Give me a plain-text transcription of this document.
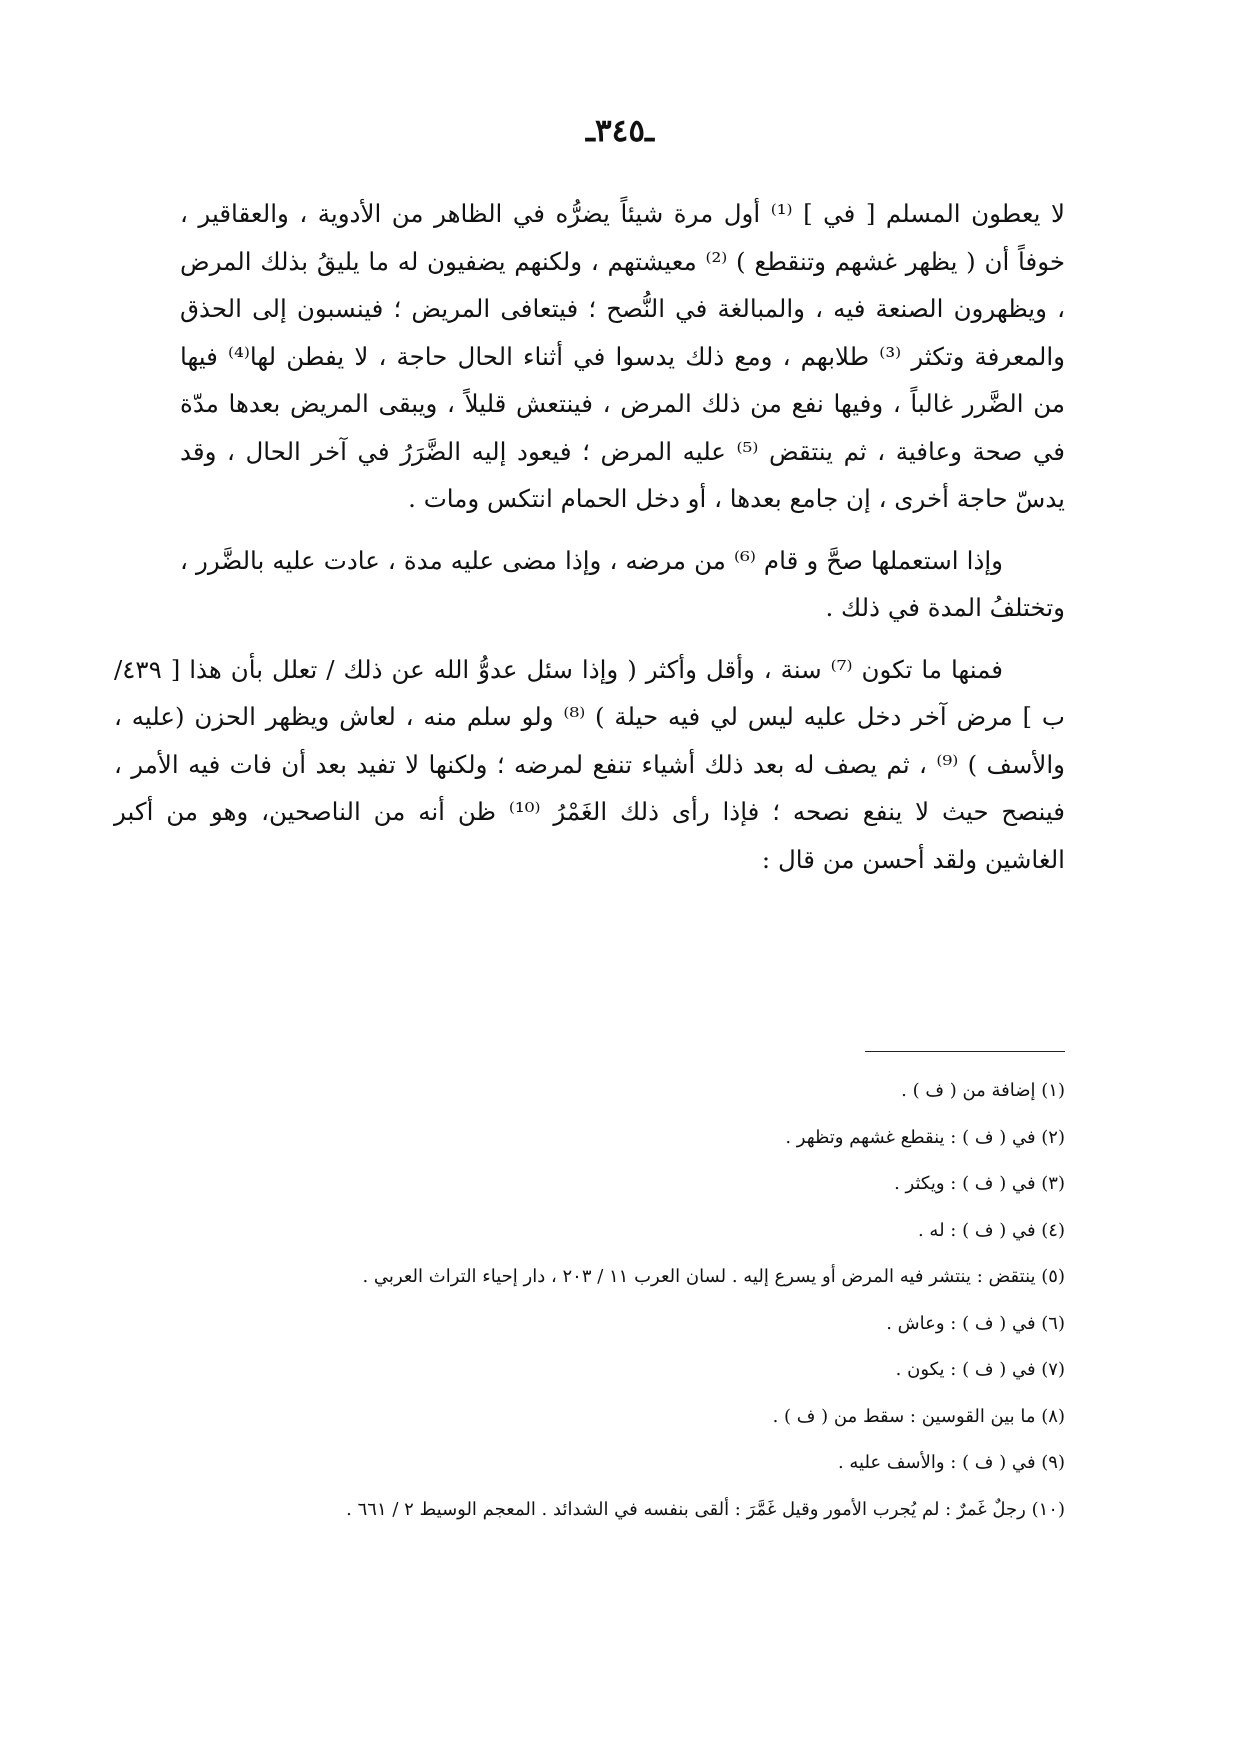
ـ٣٤٥ـ

لا يعطون المسلم [ في ] ⁽¹⁾ أول مرة شيئاً يضرُّه في الظاهر من الأدوية ، والعقاقير ، خوفاً أن ( يظهر غشهم وتنقطع ) ⁽²⁾ معيشتهم ، ولكنهم يضفيون له ما يليقُ بذلك المرض ، ويظهرون الصنعة فيه ، والمبالغة في النُّصح ؛ فيتعافى المريض ؛ فينسبون إلى الحذق والمعرفة وتكثر ⁽³⁾ طلابهم ، ومع ذلك يدسوا في أثناء الحال حاجة ، لا يفطن لها⁽⁴⁾ فيها من الضَّرر غالباً ، وفيها نفع من ذلك المرض ، فينتعش قليلاً ، ويبقى المريض بعدها مدّة في صحة وعافية ، ثم ينتقض ⁽⁵⁾ عليه المرض ؛ فيعود إليه الضَّرَرُ في آخر الحال ، وقد يدسّ حاجة أخرى ، إن جامع بعدها ، أو دخل الحمام انتكس ومات .

وإذا استعملها صحَّ و قام ⁽⁶⁾ من مرضه ، وإذا مضى عليه مدة ، عادت عليه بالضَّرر ، وتختلفُ المدة في ذلك .

فمنها ما تكون ⁽⁷⁾ سنة ، وأقل وأكثر ( وإذا سئل عدوُّ الله عن ذلك / تعلل بأن هذا [ ٤٣٩/ ب ] مرض آخر دخل عليه ليس لي فيه حيلة ) ⁽⁸⁾ ولو سلم منه ، لعاش ويظهر الحزن (عليه ، والأسف ) ⁽⁹⁾ ، ثم يصف له بعد ذلك أشياء تنفع لمرضه ؛ ولكنها لا تفيد بعد أن فات فيه الأمر ، فينصح حيث لا ينفع نصحه ؛ فإذا رأى ذلك الغَمْرُ ⁽¹⁰⁾ ظن أنه من الناصحين، وهو من أكبر الغاشين ولقد أحسن من قال :

(١) إضافة من ( ف ) .
(٢) في ( ف ) : ينقطع غشهم وتظهر .
(٣) في ( ف ) : ويكثر .
(٤) في ( ف ) : له .
(٥) ينتقض : ينتشر فيه المرض أو يسرع إليه . لسان العرب ١١ / ٢٠٣ ، دار إحياء التراث العربي .
(٦) في ( ف ) : وعاش .
(٧) في ( ف ) : يكون .
(٨) ما بين القوسين : سقط من ( ف ) .
(٩) في ( ف ) : والأسف عليه .
(١٠) رجلٌ غَمرٌ : لم يُجرب الأمور وقيل غَمَّرَ : ألقى بنفسه في الشدائد . المعجم الوسيط ٢ / ٦٦١ .
